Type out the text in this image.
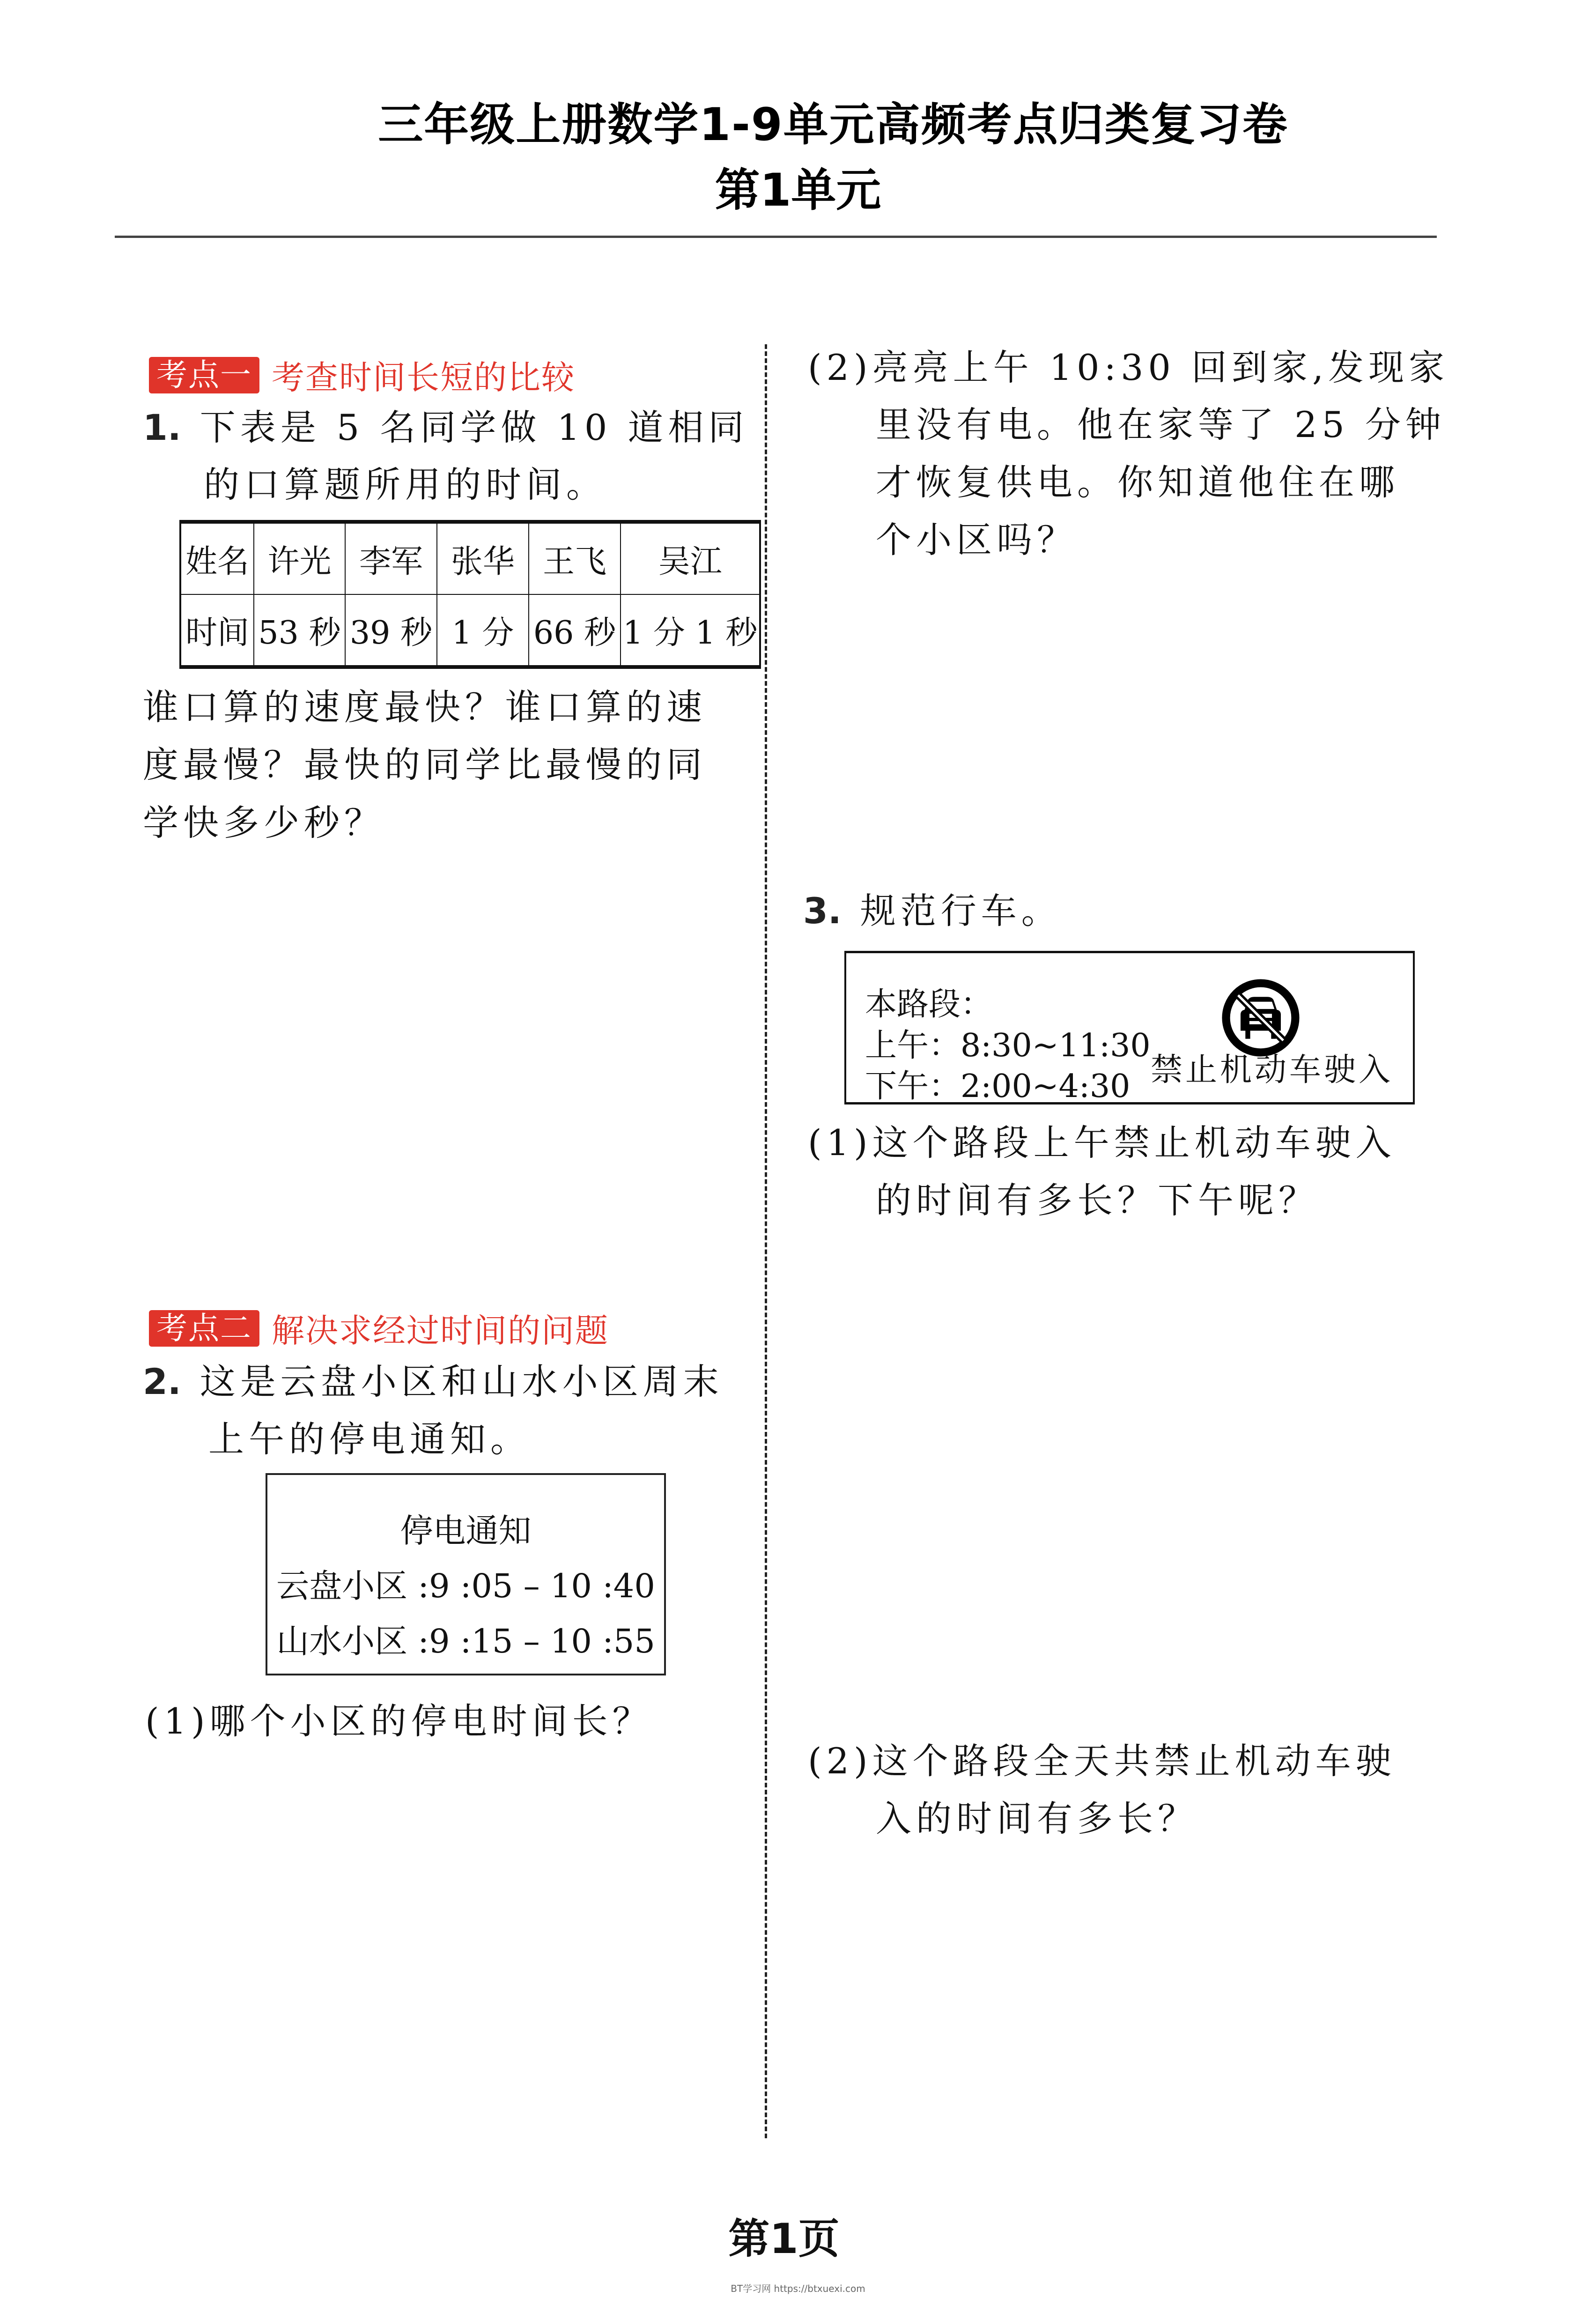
三年级上册数学1-9单元高频考点归类复习卷
第1单元
考点一 考查时间长短的比较
1. 下表是 5 名同学做 10 道相同
的口算题所用的时间。
姓名	许光	李军	张华	王飞	吴江
时间	53 秒	39 秒	1 分	66 秒	1 分 1 秒
谁口算的速度最快？谁口算的速
度最慢？最快的同学比最慢的同
学快多少秒？
考点二 解决求经过时间的问题
2. 这是云盘小区和山水小区周末
上午的停电通知。
停电通知
云盘小区 :9 :05 – 10 :40
山水小区 :9 :15 – 10 :55
(1)哪个小区的停电时间长？
(2)亮亮上午 10:30 回到家,发现家
里没有电。他在家等了 25 分钟
才恢复供电。你知道他住在哪
个小区吗？
3. 规范行车。
本路段：
上午：8:30~11:30
下午：2:00~4:30 禁止机动车驶入
(1)这个路段上午禁止机动车驶入
的时间有多长？下午呢？
(2)这个路段全天共禁止机动车驶
入的时间有多长？
第1页
BT学习网 https://btxuexi.com
